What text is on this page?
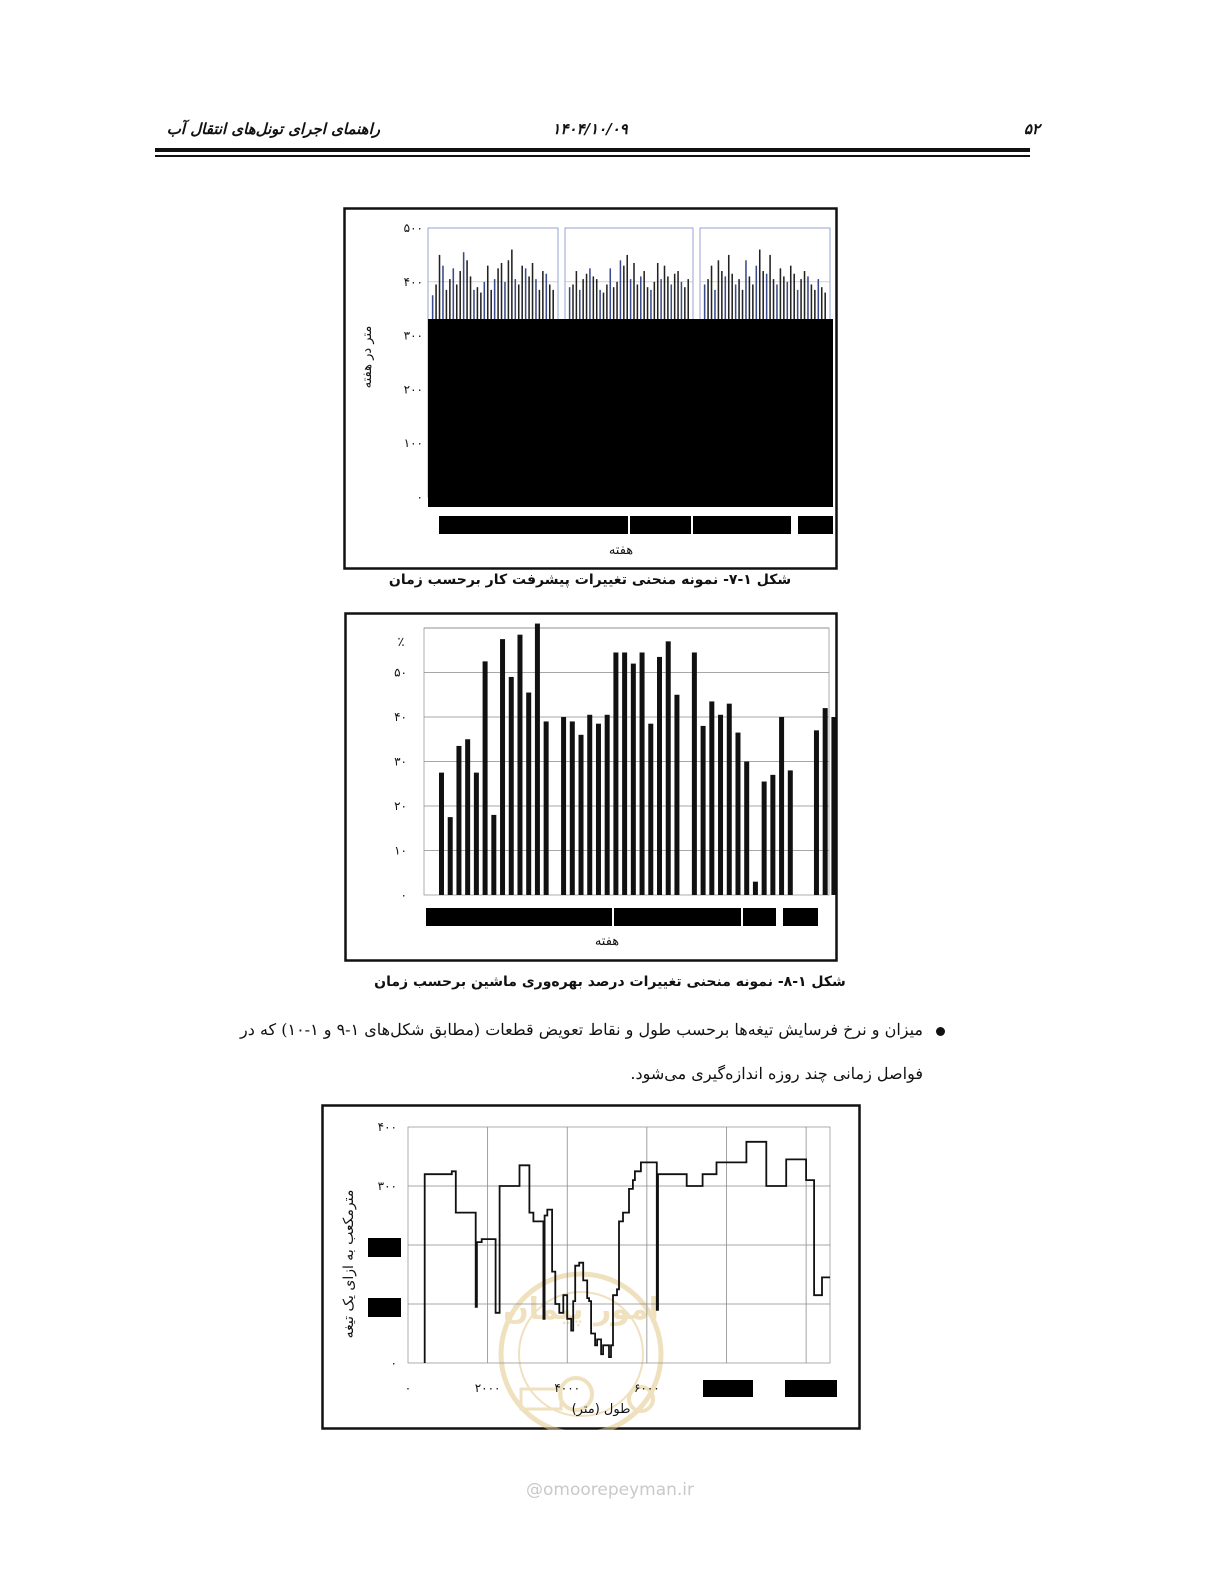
۵۲
۱۴۰۴/۱۰/۰۹
راهنمای اجرای تونل‌های انتقال آب
۰
۱۰۰
۲۰۰
۳۰۰
۴۰۰
۵۰۰
متر در هفته
هفته
شکل ۱-۷- نمونه منحنی تغییرات پیشرفت کار برحسب زمان
۰
۱۰
۲۰
۳۰
۴۰
۵۰
٪
هفته
شکل ۱-۸- نمونه منحنی تغییرات درصد بهره‌وری ماشین برحسب زمان
میزان و نرخ فرسایش تیغه‌ها برحسب طول و نقاط تعویض قطعات (مطابق شکل‌های ۱-۹ و ۱-۱۰) که در
فواصل زمانی چند روزه اندازه‌گیری می‌شود.
امور پیمان
۰
۳۰۰
۴۰۰
۰	۲۰۰۰	۴۰۰۰	۶۰۰۰
مترمکعب به ازای یک تیغه
طول (متر)
@omoorepeyman.ir
